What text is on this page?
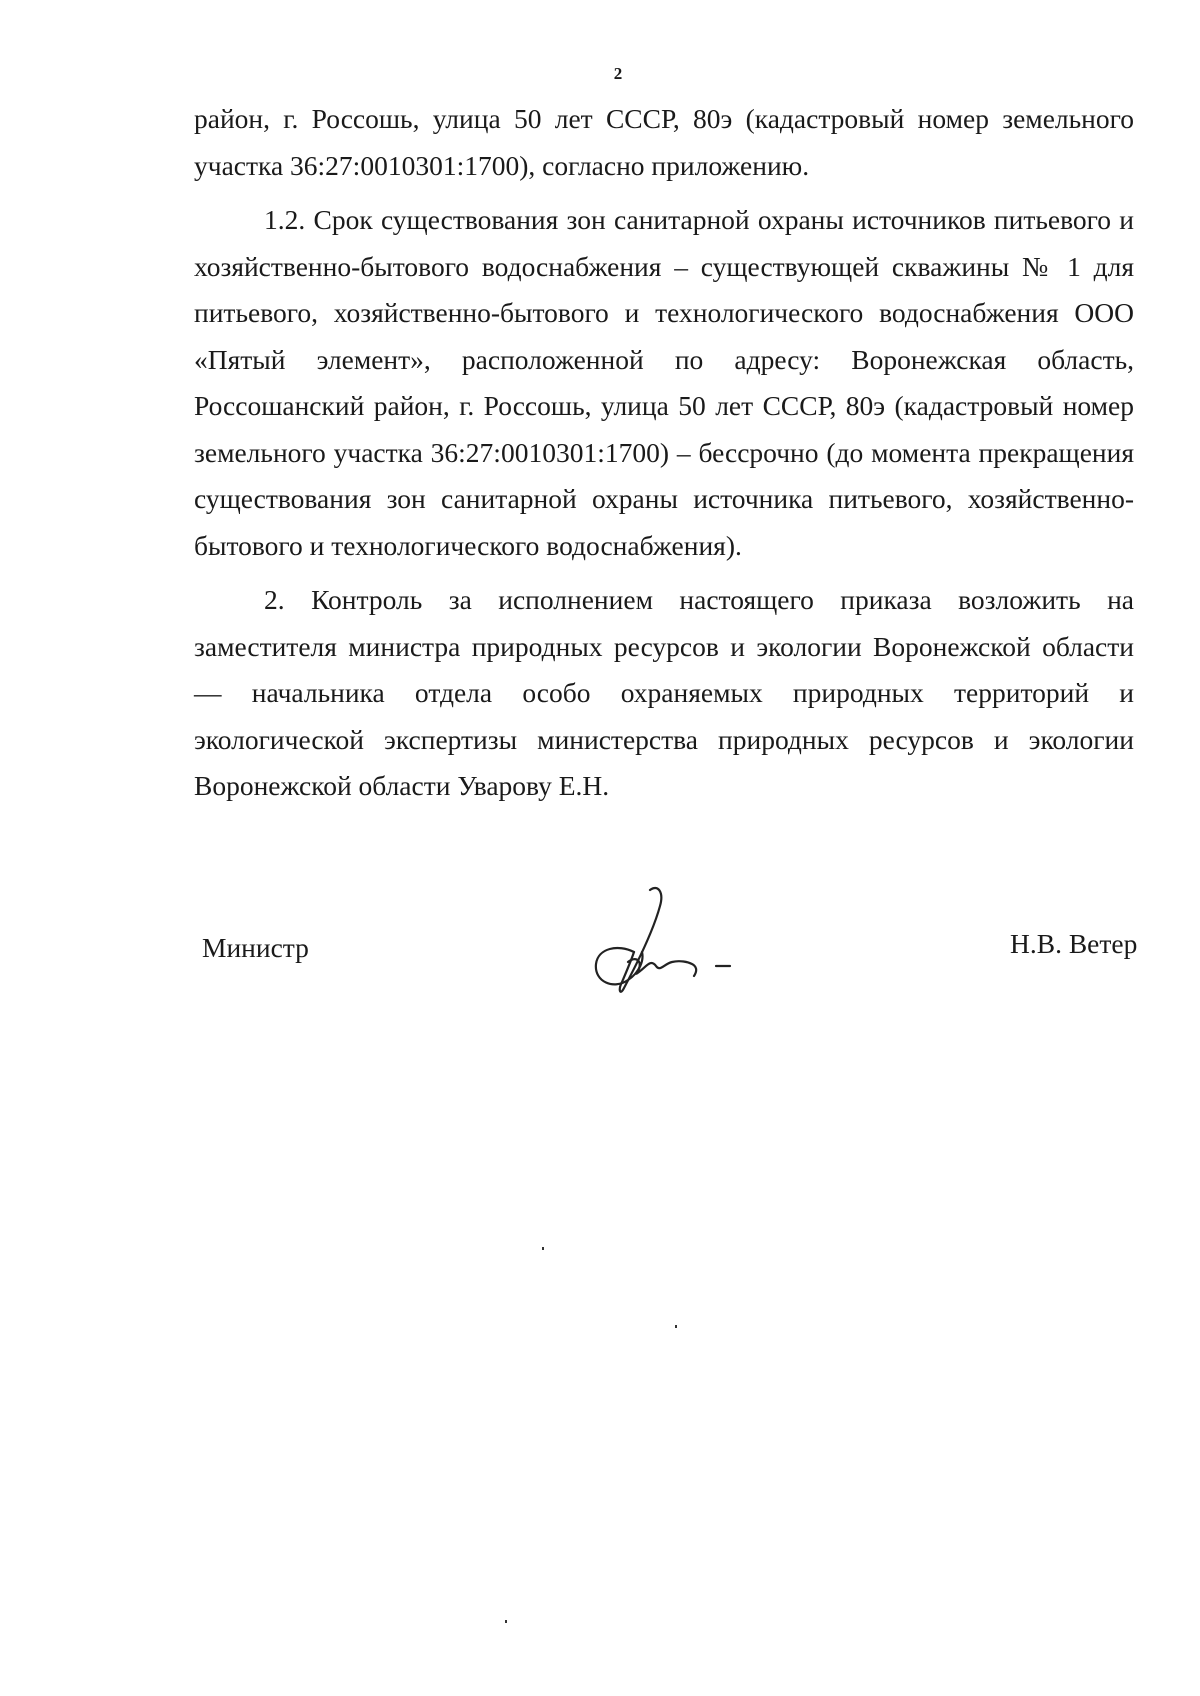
2

район, г. Россошь, улица 50 лет СССР, 80э (кадастровый номер земельного участка 36:27:0010301:1700), согласно приложению.

1.2. Срок существования зон санитарной охраны источников питьевого и хозяйственно-бытового водоснабжения – существующей скважины № 1 для питьевого, хозяйственно-бытового и технологического водоснабжения ООО «Пятый элемент», расположенной по адресу: Воронежская область, Россошанский район, г. Россошь, улица 50 лет СССР, 80э (кадастровый номер земельного участка 36:27:0010301:1700) – бессрочно (до момента прекращения существования зон санитарной охраны источника питьевого, хозяйственно-бытового и технологического водоснабжения).

2. Контроль за исполнением настоящего приказа возложить на заместителя министра природных ресурсов и экологии Воронежской области — начальника отдела особо охраняемых природных территорий и экологической экспертизы министерства природных ресурсов и экологии Воронежской области Уварову Е.Н.

Министр	Н.В. Ветер
